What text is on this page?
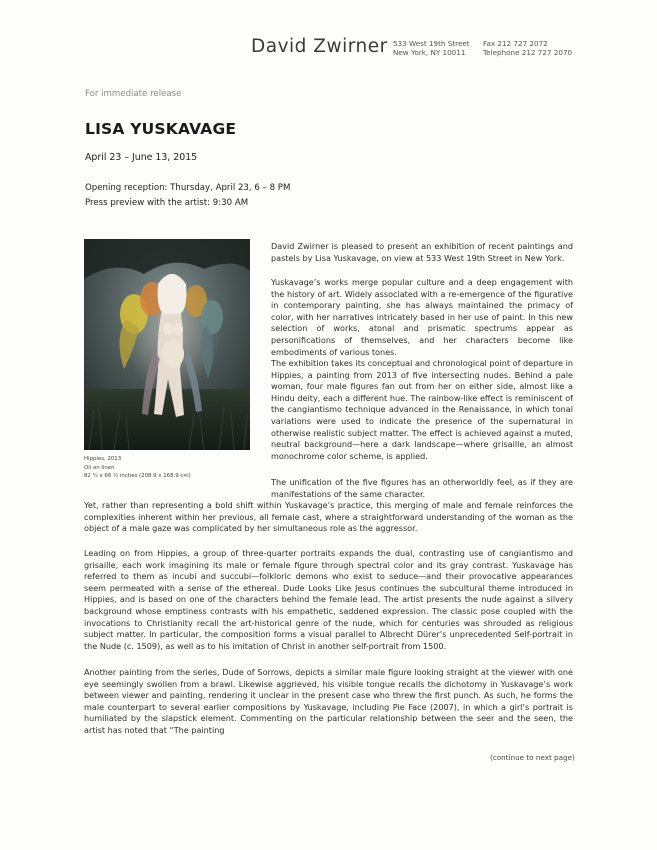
David Zwirner 533 West 19th Street
New York, NY 10011
Fax 212 727 2072
Telephone 212 727 2070
For immediate release
LISA YUSKAVAGE
April 23 – June 13, 2015
Opening reception: Thursday, April 23, 6 – 8 PM
Press preview with the artist: 9:30 AM
Hippies, 2013
Oil on linen
82 ¼ x 66 ½ inches (208.9 x 168.9 cm)

David Zwirner is pleased to present an exhibition of recent paintings and pastels by Lisa Yuskavage, on view at 533 West 19th Street in New York.

Yuskavage’s works merge popular culture and a deep engagement with the history of art. Widely associated with a re-emergence of the figurative in contemporary painting, she has always maintained the primacy of color, with her narratives intricately based in her use of paint. In this new selection of works, atonal and prismatic spectrums appear as personifications of themselves, and her characters become like embodiments of various tones.

The exhibition takes its conceptual and chronological point of departure in Hippies, a painting from 2013 of five intersecting nudes. Behind a pale woman, four male figures fan out from her on either side, almost like a Hindu deity, each a different hue. The rainbow-like effect is reminiscent of the cangiantismo technique advanced in the Renaissance, in which tonal variations were used to indicate the presence of the supernatural in otherwise realistic subject matter. The effect is achieved against a muted, neutral background—here a dark landscape—where grisaille, an almost monochrome color scheme, is applied.

The unification of the five figures has an otherworldly feel, as if they are manifestations of the same character.
Yet, rather than representing a bold shift within Yuskavage’s practice, this merging of male and female reinforces the complexities inherent within her previous, all female cast, where a straightforward understanding of the woman as the object of a male gaze was complicated by her simultaneous role as the aggressor.

Leading on from Hippies, a group of three-quarter portraits expands the dual, contrasting use of cangiantismo and grisaille, each work imagining its male or female figure through spectral color and its gray contrast. Yuskavage has referred to them as incubi and succubi—folkloric demons who exist to seduce—and their provocative appearances seem permeated with a sense of the ethereal. Dude Looks Like Jesus continues the subcultural theme introduced in Hippies, and is based on one of the characters behind the female lead. The artist presents the nude against a silvery background whose emptiness contrasts with his empathetic, saddened expression. The classic pose coupled with the invocations to Christianity recall the art-historical genre of the nude, which for centuries was shrouded as religious subject matter. In particular, the composition forms a visual parallel to Albrecht Dürer’s unprecedented Self-portrait in the Nude (c. 1509), as well as to his imitation of Christ in another self-portrait from 1500.

Another painting from the series, Dude of Sorrows, depicts a similar male figure looking straight at the viewer with one eye seemingly swollen from a brawl. Likewise aggrieved, his visible tongue recalls the dichotomy in Yuskavage’s work between viewer and painting, rendering it unclear in the present case who threw the first punch. As such, he forms the male counterpart to several earlier compositions by Yuskavage, including Pie Face (2007), in which a girl’s portrait is humiliated by the slapstick element. Commenting on the particular relationship between the seer and the seen, the artist has noted that “The painting

(continue to next page)
